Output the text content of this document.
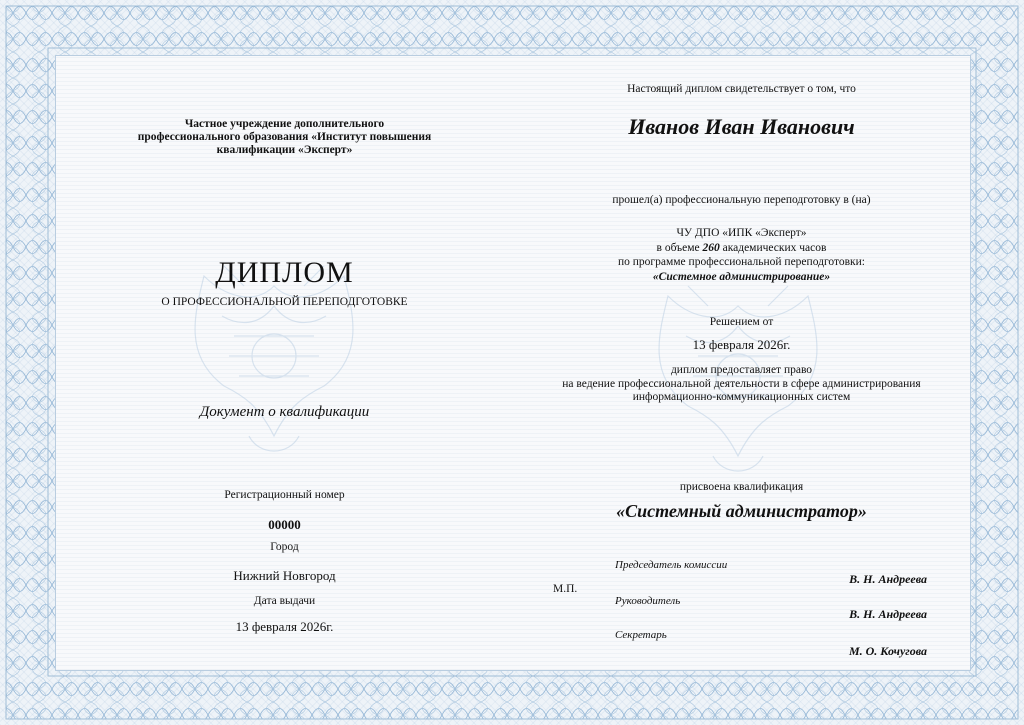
Частное учреждение дополнительного
профессионального образования «Институт повышения
квалификации «Эксперт»
ДИПЛОМ
О ПРОФЕССИОНАЛЬНОЙ ПЕРЕПОДГОТОВКЕ
Документ о квалификации
Регистрационный номер
00000
Город
Нижний Новгород
Дата выдачи
13 февраля 2026г.
Настоящий диплом свидетельствует о том, что
Иванов Иван Иванович
прошел(а) профессиональную переподготовку в (на)
ЧУ ДПО «ИПК «Эксперт»
в объеме 260 академических часов
по программе профессиональной переподготовки:
«Системное администрирование»
Решением от
13 февраля 2026г.
диплом предоставляет право
на ведение профессиональной деятельности в сфере администрирования
информационно-коммуникационных систем
присвоена квалификация
«Системный администратор»
М.П.
Председатель комиссии
В. Н. Андреева
Руководитель
В. Н. Андреева
Секретарь
М. О. Кочугова
